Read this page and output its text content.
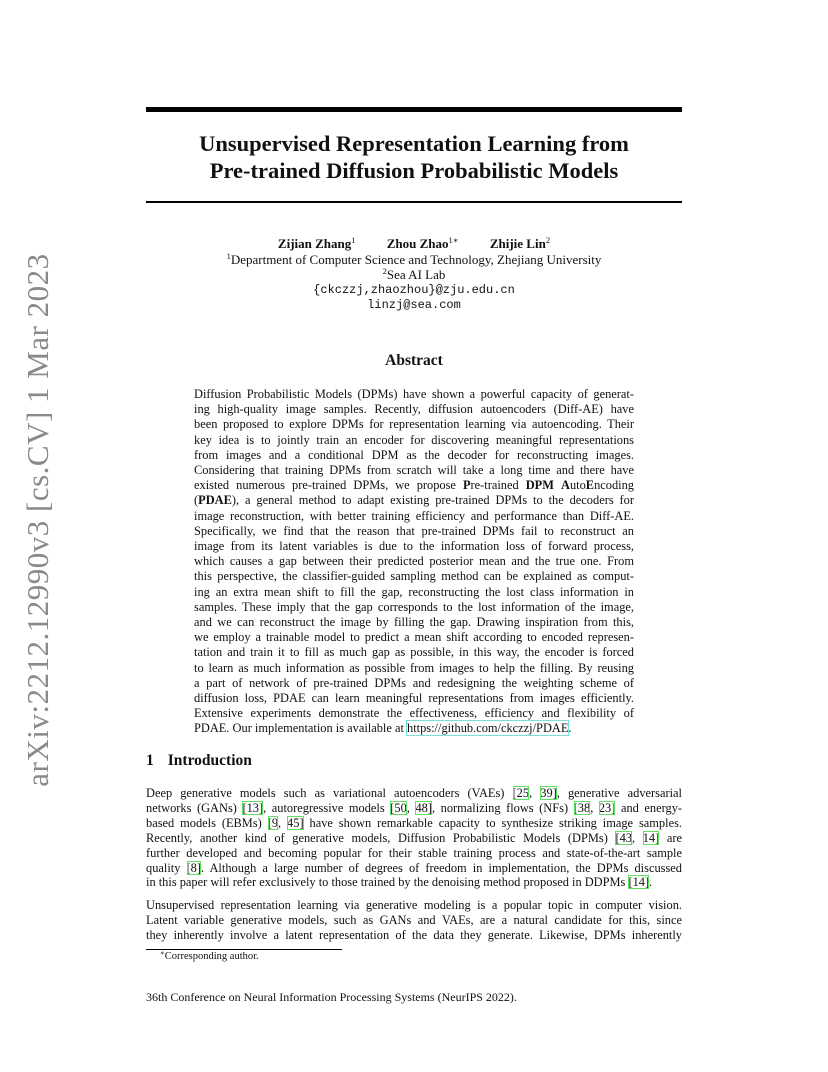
arXiv:2212.12990v3 [cs.CV] 1 Mar 2023
Unsupervised Representation Learning from
Pre-trained Diffusion Probabilistic Models
Zijian Zhang$^1$ Zhou Zhao$^{1∗}$ Zhijie Lin$^2$
$^1$Department of Computer Science and Technology, Zhejiang University
$^2$Sea AI Lab
{ckczzj,zhaozhou}@zju.edu.cn
linzj@sea.com
Abstract
Diffusion Probabilistic Models (DPMs) have shown a powerful capacity of generat-
ing high-quality image samples. Recently, diffusion autoencoders (Diff-AE) have
been proposed to explore DPMs for representation learning via autoencoding. Their
key idea is to jointly train an encoder for discovering meaningful representations
from images and a conditional DPM as the decoder for reconstructing images.
Considering that training DPMs from scratch will take a long time and there have
existed numerous pre-trained DPMs, we propose Pre-trained DPM AutoEncoding
(PDAE), a general method to adapt existing pre-trained DPMs to the decoders for
image reconstruction, with better training efficiency and performance than Diff-AE.
Specifically, we find that the reason that pre-trained DPMs fail to reconstruct an
image from its latent variables is due to the information loss of forward process,
which causes a gap between their predicted posterior mean and the true one. From
this perspective, the classifier-guided sampling method can be explained as comput-
ing an extra mean shift to fill the gap, reconstructing the lost class information in
samples. These imply that the gap corresponds to the lost information of the image,
and we can reconstruct the image by filling the gap. Drawing inspiration from this,
we employ a trainable model to predict a mean shift according to encoded represen-
tation and train it to fill as much gap as possible, in this way, the encoder is forced
to learn as much information as possible from images to help the filling. By reusing
a part of network of pre-trained DPMs and redesigning the weighting scheme of
diffusion loss, PDAE can learn meaningful representations from images efficiently.
Extensive experiments demonstrate the effectiveness, efficiency and flexibility of
PDAE. Our implementation is available at https://github.com/ckczzj/PDAE.
1 Introduction
Deep generative models such as variational autoencoders (VAEs) [25, 39], generative adversarial
networks (GANs) [13], autoregressive models [50, 48], normalizing flows (NFs) [38, 23] and energy-
based models (EBMs) [9, 45] have shown remarkable capacity to synthesize striking image samples.
Recently, another kind of generative models, Diffusion Probabilistic Models (DPMs) [43, 14] are
further developed and becoming popular for their stable training process and state-of-the-art sample
quality [8]. Although a large number of degrees of freedom in implementation, the DPMs discussed
in this paper will refer exclusively to those trained by the denoising method proposed in DDPMs [14].
Unsupervised representation learning via generative modeling is a popular topic in computer vision.
Latent variable generative models, such as GANs and VAEs, are a natural candidate for this, since
they inherently involve a latent representation of the data they generate. Likewise, DPMs inherently
∗Corresponding author.
36th Conference on Neural Information Processing Systems (NeurIPS 2022).
